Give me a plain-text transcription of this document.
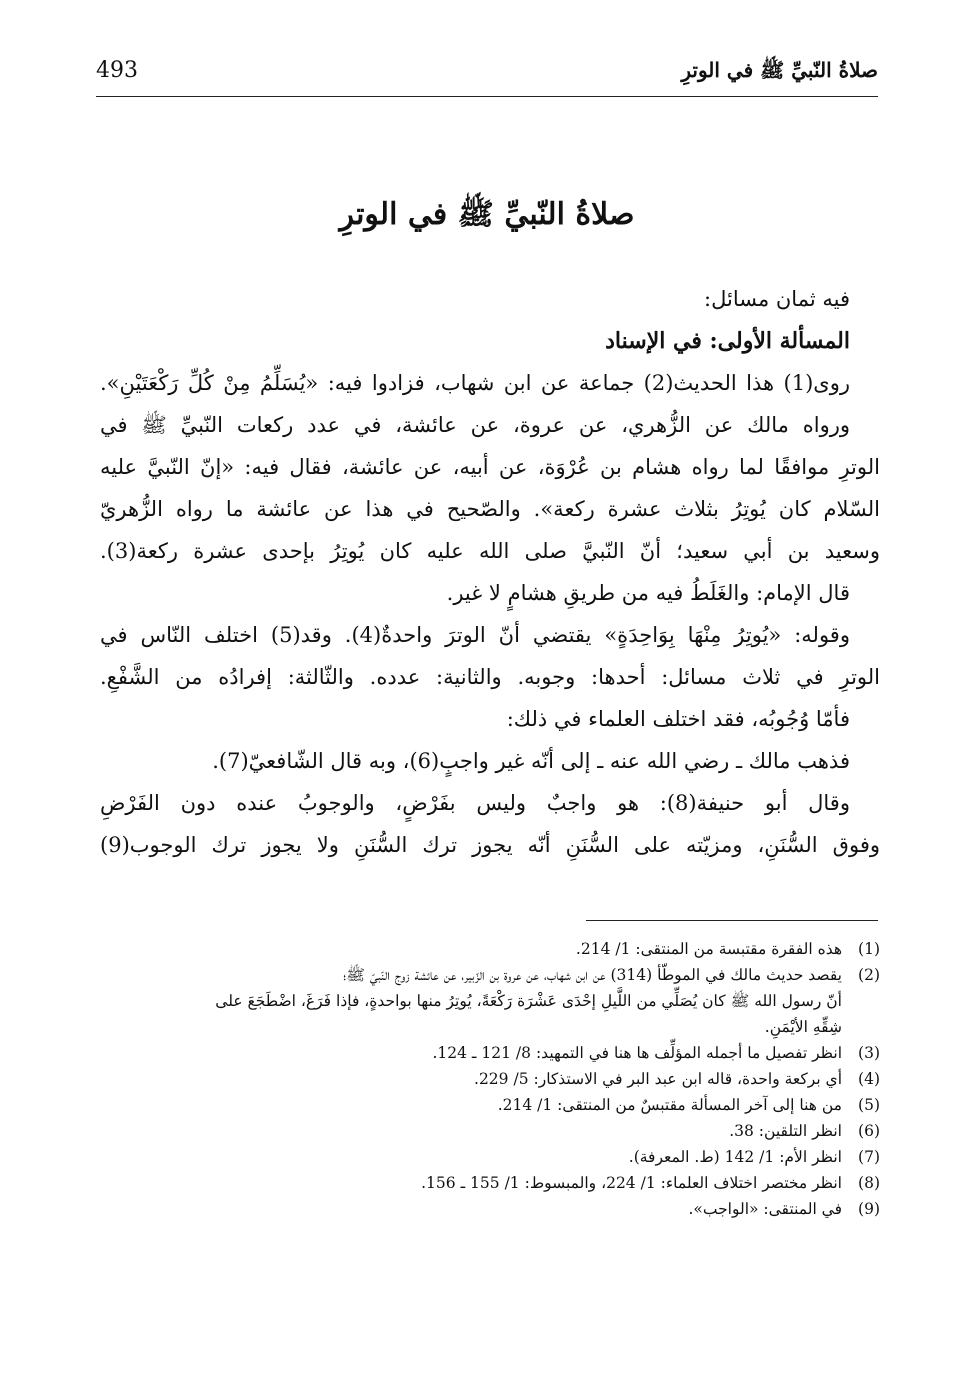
493	صلاةُ النّبيِّ ﷺ في الوترِ
صلاةُ النّبيِّ ﷺ في الوترِ
فيه ثمان مسائل:
المسألة الأولى: في الإسناد
روى(1) هذا الحديث(2) جماعة عن ابن شهاب، فزادوا فيه: «يُسَلِّمُ مِنْ كُلِّ رَكْعَتَيْنِ».
ورواه مالك عن الزُّهري، عن عروة، عن عائشة، في عدد ركعات النّبيِّ ﷺ في
الوترِ موافقًا لما رواه هشام بن عُرْوَة، عن أبيه، عن عائشة، فقال فيه: «إنّ النّبيَّ عليه
السّلام كان يُوتِرُ بثلاث عشرة ركعة». والصّحيح في هذا عن عائشة ما رواه الزُّهريّ
وسعيد بن أبي سعيد؛ أنّ النّبيَّ صلى الله عليه كان يُوتِرُ بإحدى عشرة ركعة(3).
قال الإمام: والغَلَطُ فيه من طريقِ هشامٍ لا غير.
وقوله: «يُوتِرُ مِنْهَا بِوَاحِدَةٍ» يقتضي أنّ الوترَ واحدةٌ(4). وقد(5) اختلف النّاس في
الوترِ في ثلاث مسائل: أحدها: وجوبه. والثانية: عدده. والثّالثة: إفرادُه من الشَّفْعِ.
فأمّا وُجُوبُه، فقد اختلف العلماء في ذلك:
فذهب مالك ـ رضي الله عنه ـ إلى أنّه غير واجبٍ(6)، وبه قال الشّافعيّ(7).
وقال أبو حنيفة(8): هو واجبٌ وليس بفَرْضٍ، والوجوبُ عنده دون الفَرْضِ
وفوق السُّنَنِ، ومزيّته على السُّنَنِ أنّه يجوز ترك السُّنَنِ ولا يجوز ترك الوجوب(9)
(1)
هذه الفقرة مقتبسة من المنتقى: 1/ 214.
(2)
يقصد حديث مالك في الموطّأ (314) عن ابن شهاب، عن عروة بن الزّبير، عن عائشة زوج النّبيّ ﷺ؛
أنّ رسول الله ﷺ كان يُصَلِّي من اللَّيلِ إحْدَى عَشْرَة رَكْعَةً، يُوتِرُ منها بواحدةٍ، فإذا فَرَغَ، اضْطَجَعَ على
شِقِّهِ الأيْمَنِ.
(3)
انظر تفصيل ما أجمله المؤلِّف ها هنا في التمهيد: 8/ 121 ـ 124.
(4)
أي بركعة واحدة، قاله ابن عبد البر في الاستذكار: 5/ 229.
(5)
من هنا إلى آخر المسألة مقتبسٌ من المنتقى: 1/ 214.
(6)
انظر التلقين: 38.
(7)
انظر الأم: 1/ 142 (ط. المعرفة).
(8)
انظر مختصر اختلاف العلماء: 1/ 224، والمبسوط: 1/ 155 ـ 156.
(9)
في المنتقى: «الواجب».
